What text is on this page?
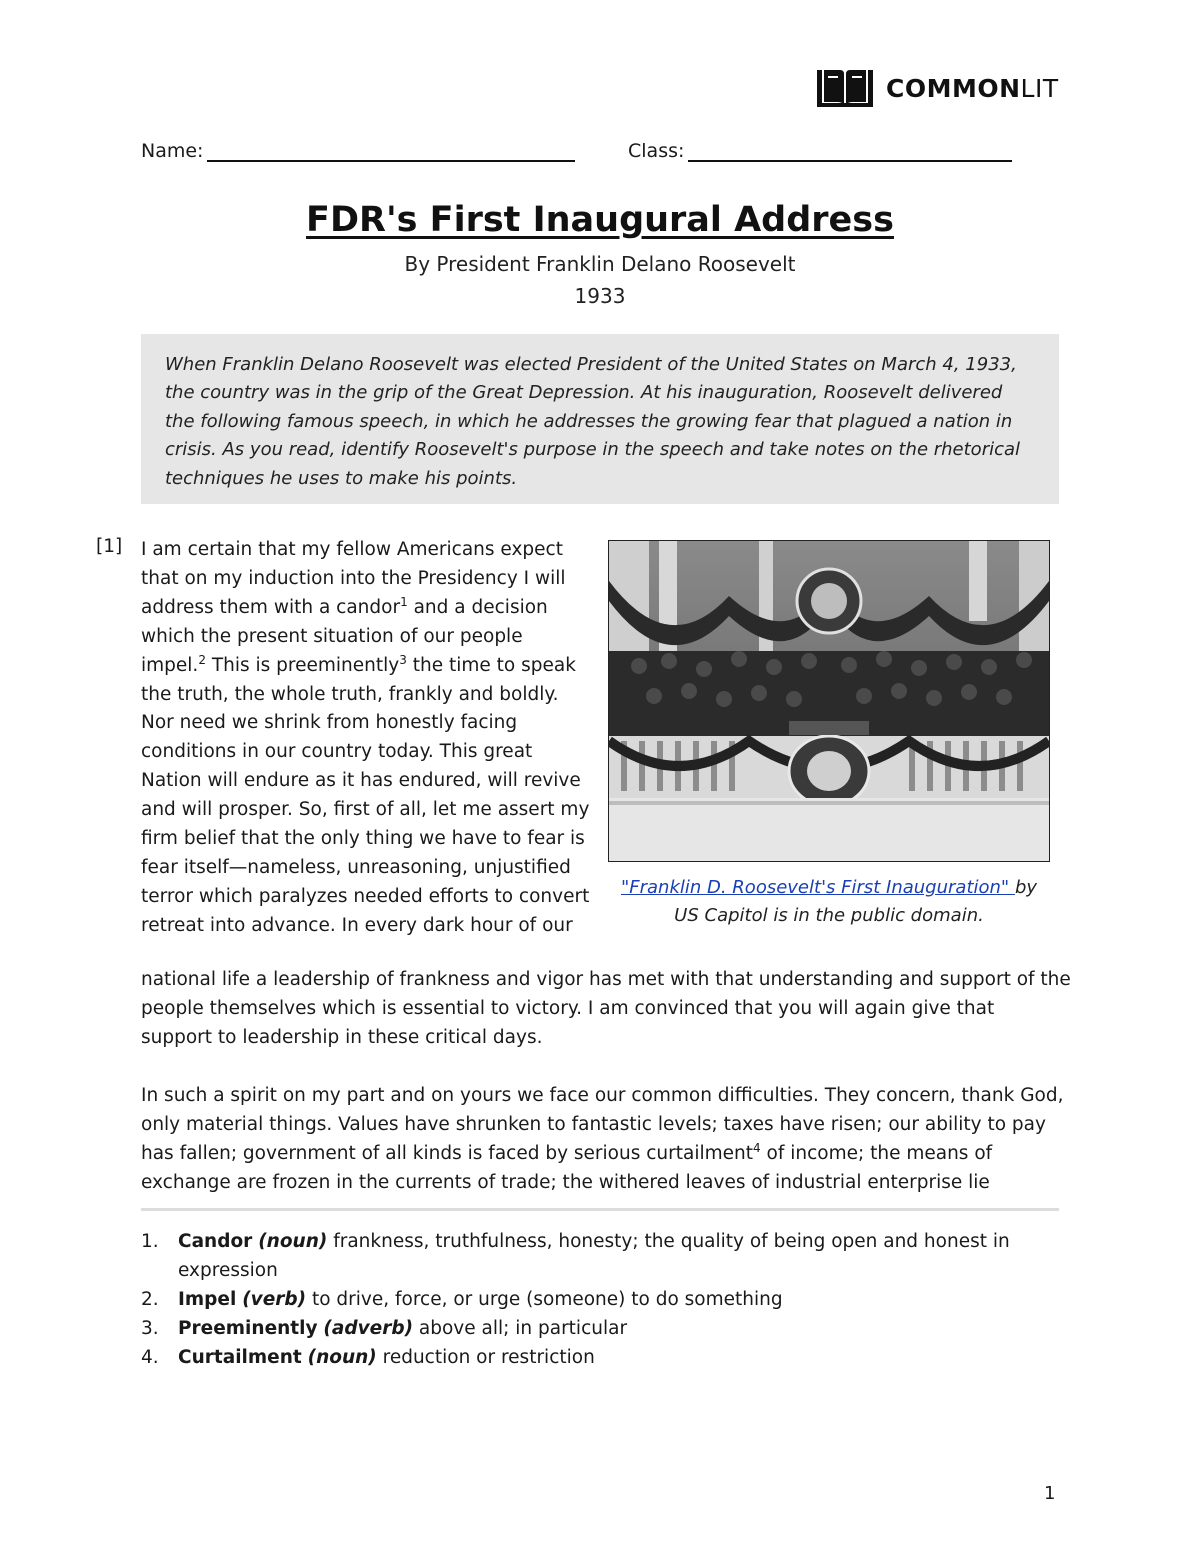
COMMONLIT
Name:	Class:
FDR's First Inaugural Address
By President Franklin Delano Roosevelt
1933
When Franklin Delano Roosevelt was elected President of the United States on March 4, 1933, the country was in the grip of the Great Depression. At his inauguration, Roosevelt delivered the following famous speech, in which he addresses the growing fear that plagued a nation in crisis. As you read, identify Roosevelt's purpose in the speech and take notes on the rhetorical techniques he uses to make his points.
[1] I am certain that my fellow Americans expect that on my induction into the Presidency I will address them with a candor$^1$ and a decision which the present situation of our people impel.$^2$ This is preeminently$^3$ the time to speak the truth, the whole truth, frankly and boldly. Nor need we shrink from honestly facing conditions in our country today. This great Nation will endure as it has endured, will revive and will prosper. So, first of all, let me assert my firm belief that the only thing we have to fear is fear itself—nameless, unreasoning, unjustified terror which paralyzes needed efforts to convert retreat into advance. In every dark hour of our
"Franklin D. Roosevelt's First Inauguration" by
US Capitol is in the public domain.
national life a leadership of frankness and vigor has met with that understanding and support of the people themselves which is essential to victory. I am convinced that you will again give that support to leadership in these critical days.
In such a spirit on my part and on yours we face our common difficulties. They concern, thank God, only material things. Values have shrunken to fantastic levels; taxes have risen; our ability to pay has fallen; government of all kinds is faced by serious curtailment$^4$ of income; the means of exchange are frozen in the currents of trade; the withered leaves of industrial enterprise lie
1. Candor (noun) frankness, truthfulness, honesty; the quality of being open and honest in expression
2. Impel (verb) to drive, force, or urge (someone) to do something
3. Preeminently (adverb) above all; in particular
4. Curtailment (noun) reduction or restriction
1
